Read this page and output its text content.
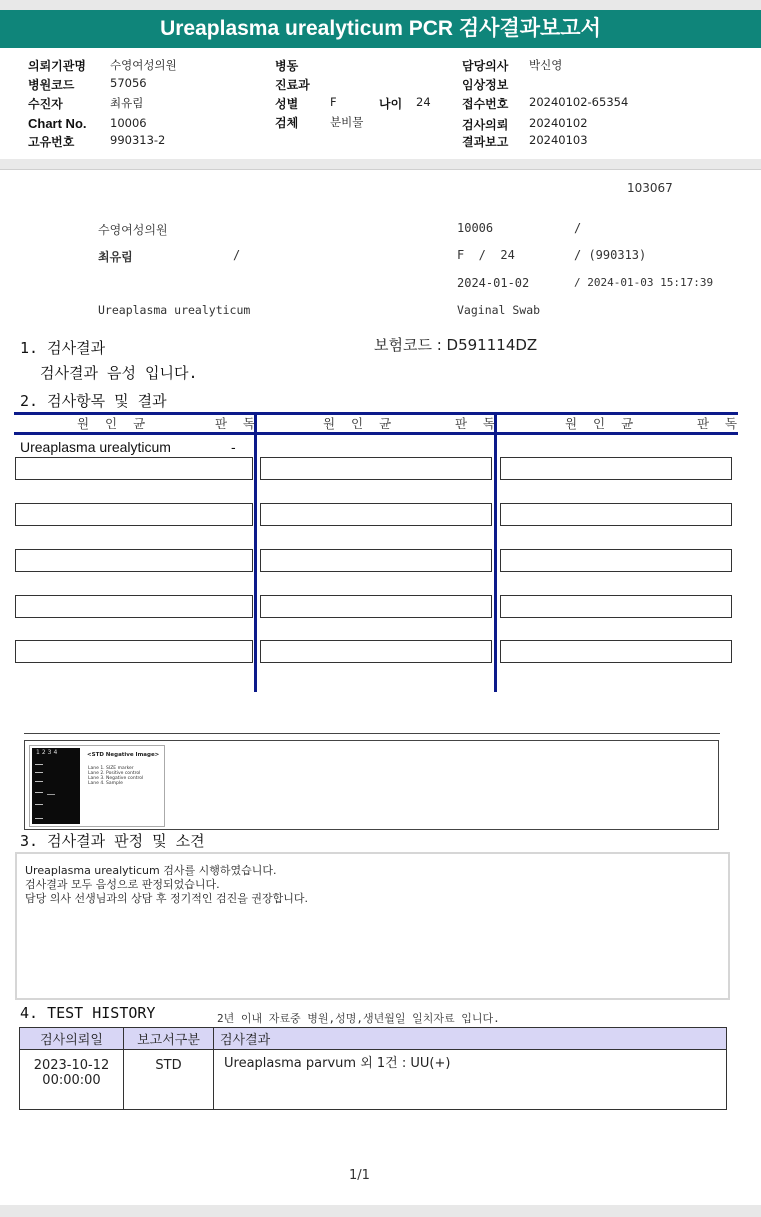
Ureaplasma urealyticum PCR 검사결과보고서
의뢰기관명 수영여성의원
병원코드	57056
수진자	최유림
Chart No. 10006
고유번호	990313-2
병동
진료과
성별	F	나이 24
검체	분비물
담당의사 박신영
임상정보
접수번호 20240102-65354
검사의뢰 20240102
결과보고 20240103
103067
수영여성의원	10006	/
최유림	/	F  /  24	/ (990313)
2024-01-02	/ 2024-01-03 15:17:39
Ureaplasma urealyticum	Vaginal Swab
1. 검사결과	보험코드 : D591114DZ
검사결과 음성 입니다.
2. 검사항목 및 결과
원 인 균	판 독	원 인 균	판 독	원 인 균	판 독
Ureaplasma urealyticum	-
1234	<STD Negative Image>
Lane 1. SIZE marker
Lane 2. Positive control
Lane 3. Negative control
Lane 4. Sample
3. 검사결과 판정 및 소견
Ureaplasma urealyticum 검사를 시행하였습니다.
검사결과 모두 음성으로 판정되었습니다.
담당 의사 선생님과의 상담 후 정기적인 검진을 권장합니다.
4. TEST HISTORY	2년 이내 자료중 병원,성명,생년월일 일치자료 입니다.
검사의뢰일	보고서구분	검사결과

2023-10-12
00:00:00	STD	Ureaplasma parvum 외 1건 : UU(+)
1/1
